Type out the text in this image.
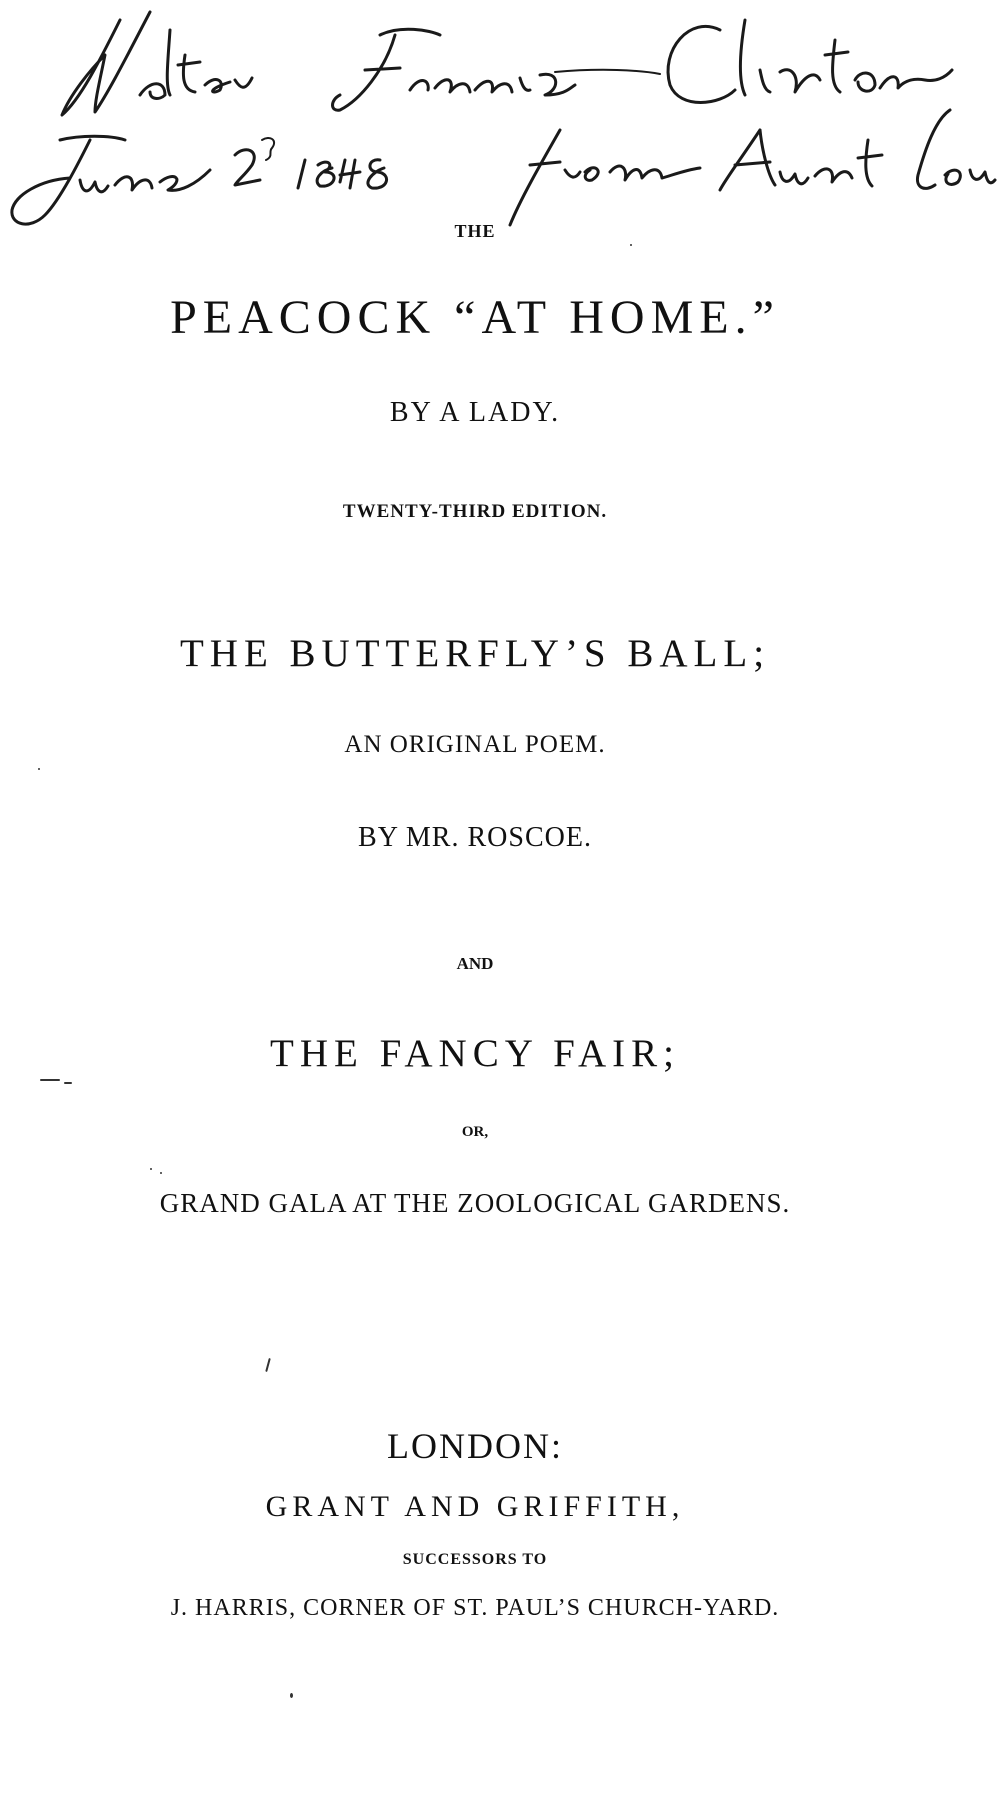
THE
PEACOCK “AT HOME.”
BY A LADY.
TWENTY-THIRD EDITION.
THE BUTTERFLY’S BALL;
AN ORIGINAL POEM.
BY MR. ROSCOE.
AND
THE FANCY FAIR;
OR,
GRAND GALA AT THE ZOOLOGICAL GARDENS.
LONDON:
GRANT AND GRIFFITH,
SUCCESSORS TO
J. HARRIS, CORNER OF ST. PAUL’S CHURCH-YARD.
